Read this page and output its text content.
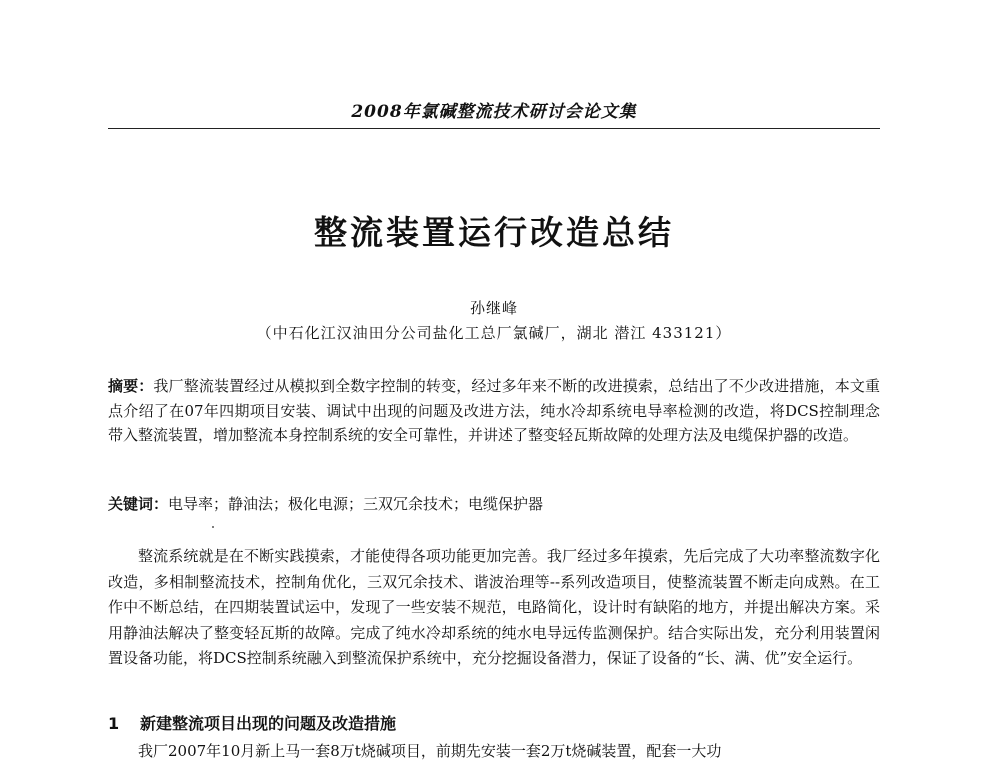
2008年氯碱整流技术研讨会论文集
整流装置运行改造总结
孙继峰
（中石化江汉油田分公司盐化工总厂氯碱厂，湖北 潜江 433121）
摘要：我厂整流装置经过从模拟到全数字控制的转变，经过多年来不断的改进摸索，总结出了不少改进措施，本文重点介绍了在07年四期项目安装、调试中出现的问题及改进方法，纯水冷却系统电导率检测的改造，将DCS控制理念带入整流装置，增加整流本身控制系统的安全可靠性，并讲述了整变轻瓦斯故障的处理方法及电缆保护器的改造。
关键词：电导率；静油法；极化电源；三双冗余技术；电缆保护器
整流系统就是在不断实践摸索，才能使得各项功能更加完善。我厂经过多年摸索，先后完成了大功率整流数字化改造，多相制整流技术，控制角优化，三双冗余技术、谐波治理等--系列改造项目，使整流装置不断走向成熟。在工作中不断总结，在四期装置试运中，发现了一些安装不规范，电路简化，设计时有缺陷的地方，并提出解决方案。采用静油法解决了整变轻瓦斯的故障。完成了纯水冷却系统的纯水电导远传监测保护。结合实际出发，充分利用装置闲置设备功能，将DCS控制系统融入到整流保护系统中，充分挖掘设备潜力，保证了设备的“长、满、优”安全运行。
1 新建整流项目出现的问题及改造措施
我厂2007年10月新上马一套8万t烧碱项目，前期先安装一套2万t烧碱装置，配套一大功
